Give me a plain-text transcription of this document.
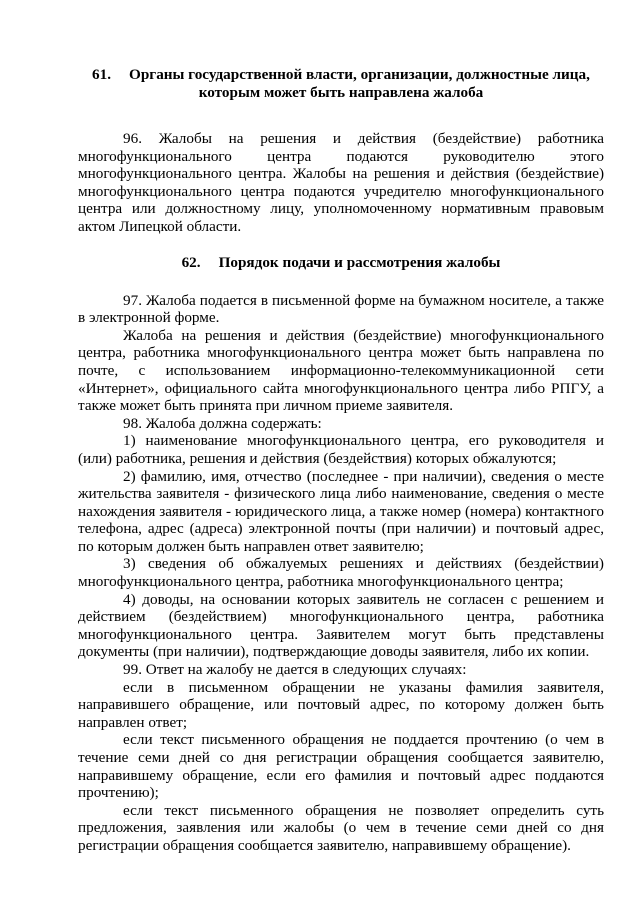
61. Органы государственной власти, организации, должностные лица,
которым может быть направлена жалоба

96. Жалобы на решения и действия (бездействие) работника многофункционального центра подаются руководителю этого многофункционального центра. Жалобы на решения и действия (бездействие) многофункционального центра подаются учредителю многофункционального центра или должностному лицу, уполномоченному нормативным правовым актом Липецкой области.

62. Порядок подачи и рассмотрения жалобы

97. Жалоба подается в письменной форме на бумажном носителе, а также в электронной форме.

Жалоба на решения и действия (бездействие) многофункционального центра, работника многофункционального центра может быть направлена по почте, с использованием информационно-телекоммуникационной сети «Интернет», официального сайта многофункционального центра либо РПГУ, а также может быть принята при личном приеме заявителя.

98. Жалоба должна содержать:

1) наименование многофункционального центра, его руководителя и (или) работника, решения и действия (бездействия) которых обжалуются;

2) фамилию, имя, отчество (последнее - при наличии), сведения о месте жительства заявителя - физического лица либо наименование, сведения о месте нахождения заявителя - юридического лица, а также номер (номера) контактного телефона, адрес (адреса) электронной почты (при наличии) и почтовый адрес, по которым должен быть направлен ответ заявителю;

3) сведения об обжалуемых решениях и действиях (бездействии) многофункционального центра, работника многофункционального центра;

4) доводы, на основании которых заявитель не согласен с решением и действием (бездействием) многофункционального центра, работника многофункционального центра. Заявителем могут быть представлены документы (при наличии), подтверждающие доводы заявителя, либо их копии.

99. Ответ на жалобу не дается в следующих случаях:

если в письменном обращении не указаны фамилия заявителя, направившего обращение, или почтовый адрес, по которому должен быть направлен ответ;

если текст письменного обращения не поддается прочтению (о чем в течение семи дней со дня регистрации обращения сообщается заявителю, направившему обращение, если его фамилия и почтовый адрес поддаются прочтению);

если текст письменного обращения не позволяет определить суть предложения, заявления или жалобы (о чем в течение семи дней со дня регистрации обращения сообщается заявителю, направившему обращение).
